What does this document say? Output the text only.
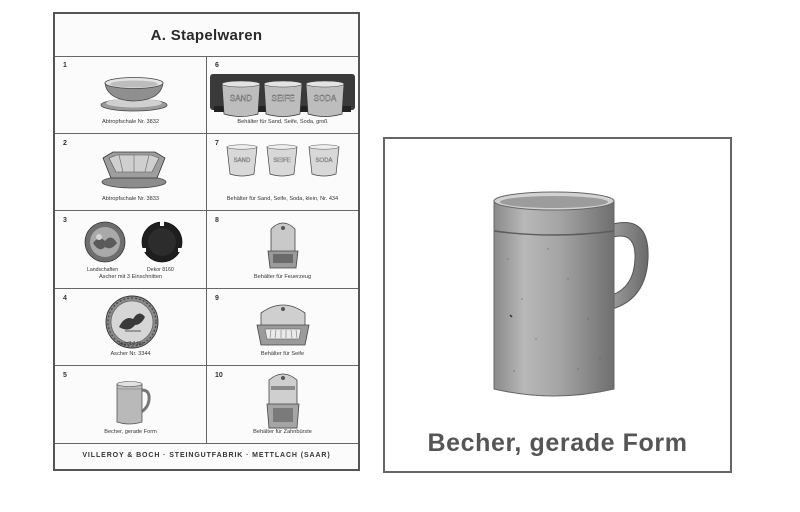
A. Stapelwaren
1
Abtropfschale Nr. 3832
6
SAND SEIFE SODA
Behälter für Sand, Seife, Soda, groß
2
Abtropfschale Nr. 3833
7
SAND	SEIFE	SODA
Behälter für Sand, Seife, Soda, klein, Nr. 434
3
Landschaften	Dekor 8160
Ascher mit 3 Einschnitten
8
Behälter für Feuerzeug
4
Jagdbilder
Ascher Nr. 3344
9
Behälter für Seife
5
Becher, gerade Form
10
Behälter für Zahnbürste
VILLEROY & BOCH · STEINGUTFABRIK · METTLACH (SAAR)	Becher, gerade Form
